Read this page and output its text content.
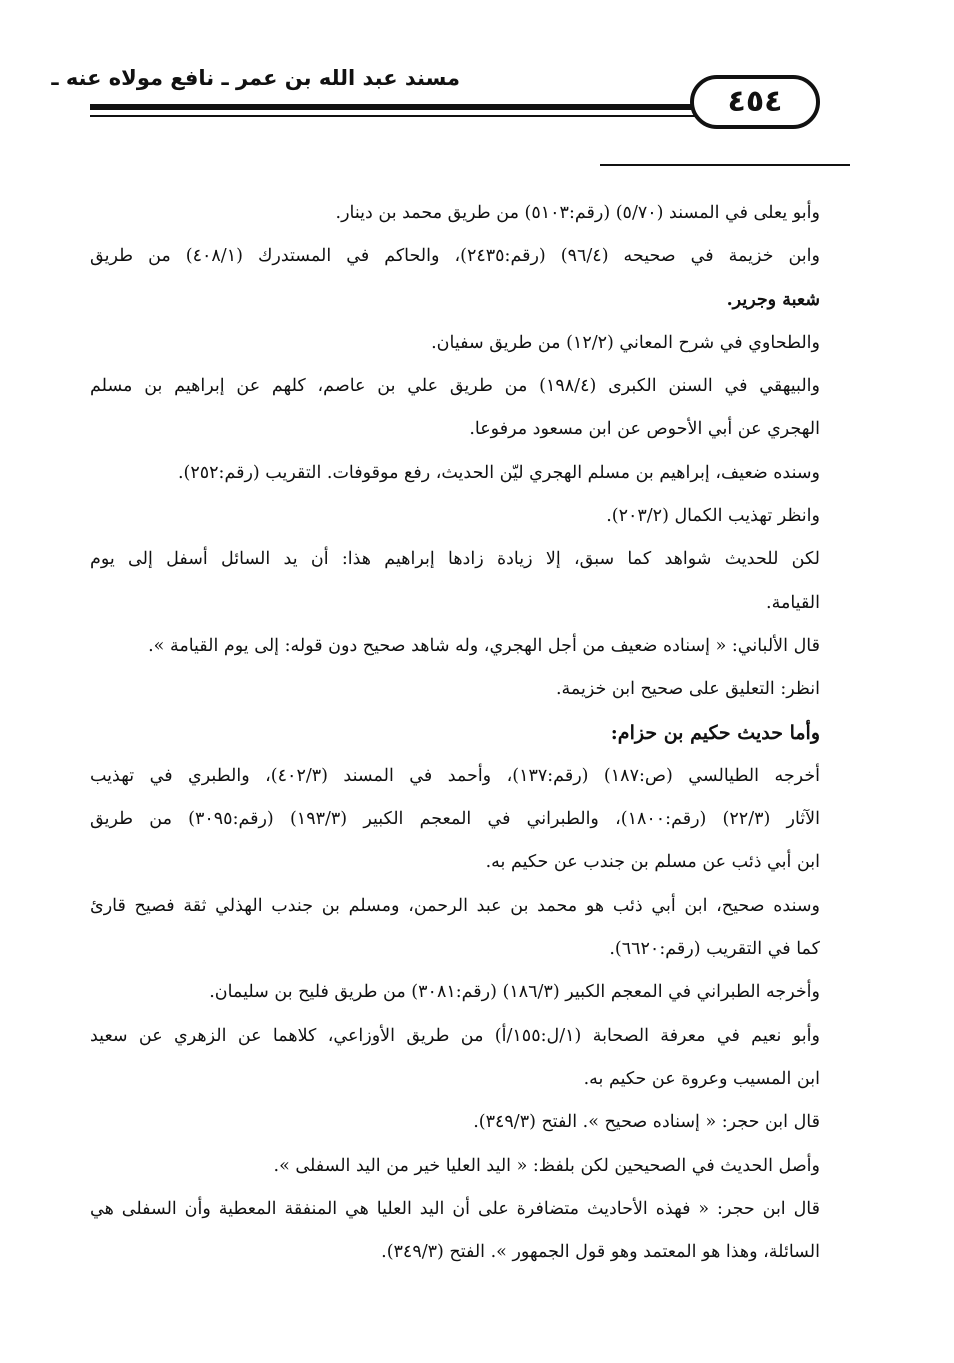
مسند عبد الله بن عمر ـ نافع مولاه عنه ـ
٤٥٤

وأبو يعلى في المسند (٥/٧٠) (رقم:٥١٠٣) من طريق محمد بن دينار.

وابن خزيمة في صحيحه (٩٦/٤) (رقم:٢٤٣٥)، والحاكم في المستدرك (٤٠٨/١) من طريق

شعبة وجرير.

والطحاوي في شرح المعاني (١٢/٢) من طريق سفيان.

والبيهقي في السنن الكبرى (١٩٨/٤) من طريق علي بن عاصم، كلهم عن إبراهيم بن مسلم

الهجري عن أبي الأحوص عن ابن مسعود مرفوعا.

وسنده ضعيف، إبراهيم بن مسلم الهجري ليّن الحديث، رفع موقوفات. التقريب (رقم:٢٥٢).

وانظر تهذيب الكمال (٢٠٣/٢).

لكن للحديث شواهد كما سبق، إلا زيادة زادها إبراهيم هذا: أن يد السائل أسفل إلى يوم

القيامة.

قال الألباني: « إسناده ضعيف من أجل الهجري، وله شاهد صحيح دون قوله: إلى يوم القيامة ».

انظر: التعليق على صحيح ابن خزيمة.

وأما حديث حكيم بن حزام:

أخرجه الطيالسي (ص:١٨٧) (رقم:١٣٧)، وأحمد في المسند (٤٠٢/٣)، والطبري في تهذيب

الآثار (٢٢/٣) (رقم:١٨٠٠)، والطبراني في المعجم الكبير (١٩٣/٣) (رقم:٣٠٩٥) من طريق

ابن أبي ذئب عن مسلم بن جندب عن حكيم به.

وسنده صحيح، ابن أبي ذئب هو محمد بن عبد الرحمن، ومسلم بن جندب الهذلي ثقة فصيح قارئ

كما في التقريب (رقم:٦٦٢٠).

وأخرجه الطبراني في المعجم الكبير (١٨٦/٣) (رقم:٣٠٨١) من طريق فليح بن سليمان.

وأبو نعيم في معرفة الصحابة (١/ل:١٥٥/أ) من طريق الأوزاعي، كلاهما عن الزهري عن سعيد

ابن المسيب وعروة عن حكيم به.

قال ابن حجر: « إسناده صحيح ». الفتح (٣٤٩/٣).

وأصل الحديث في الصحيحين لكن بلفظ: « اليد العليا خير من اليد السفلى ».

قال ابن حجر: « فهذه الأحاديث متضافرة على أن اليد العليا هي المنفقة المعطية وأن السفلى هي

السائلة، وهذا هو المعتمد وهو قول الجمهور ». الفتح (٣٤٩/٣).
